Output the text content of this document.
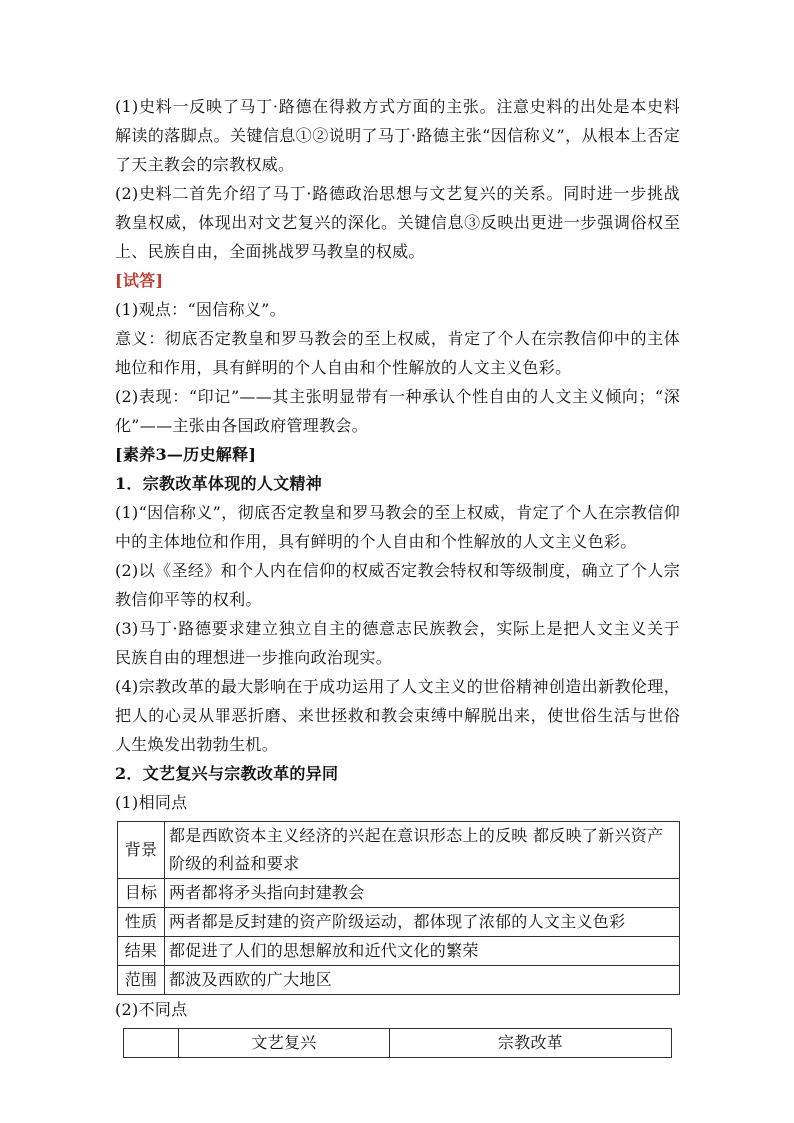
(1)史料一反映了马丁·路德在得救方式方面的主张。注意史料的出处是本史料解读的落脚点。关键信息①②说明了马丁·路德主张“因信称义”，从根本上否定了天主教会的宗教权威。

(2)史料二首先介绍了马丁·路德政治思想与文艺复兴的关系。同时进一步挑战教皇权威，体现出对文艺复兴的深化。关键信息③反映出更进一步强调俗权至上、民族自由，全面挑战罗马教皇的权威。

[试答]

(1)观点：“因信称义”。

意义：彻底否定教皇和罗马教会的至上权威，肯定了个人在宗教信仰中的主体地位和作用，具有鲜明的个人自由和个性解放的人文主义色彩。

(2)表现：“印记”——其主张明显带有一种承认个性自由的人文主义倾向；“深化”——主张由各国政府管理教会。

[素养3—历史解释]

1．宗教改革体现的人文精神

(1)“因信称义”，彻底否定教皇和罗马教会的至上权威，肯定了个人在宗教信仰中的主体地位和作用，具有鲜明的个人自由和个性解放的人文主义色彩。

(2)以《圣经》和个人内在信仰的权威否定教会特权和等级制度，确立了个人宗教信仰平等的权利。

(3)马丁·路德要求建立独立自主的德意志民族教会，实际上是把人文主义关于民族自由的理想进一步推向政治现实。

(4)宗教改革的最大影响在于成功运用了人文主义的世俗精神创造出新教伦理，把人的心灵从罪恶折磨、来世拯救和教会束缚中解脱出来，使世俗生活与世俗人生焕发出勃勃生机。

2．文艺复兴与宗教改革的异同

(1)相同点

背景	都是西欧资本主义经济的兴起在意识形态上的反映 都反映了新兴资产阶级的利益和要求
目标	两者都将矛头指向封建教会
性质	两者都是反封建的资产阶级运动，都体现了浓郁的人文主义色彩
结果	都促进了人们的思想解放和近代文化的繁荣
范围	都波及西欧的广大地区

(2)不同点

	文艺复兴	宗教改革
